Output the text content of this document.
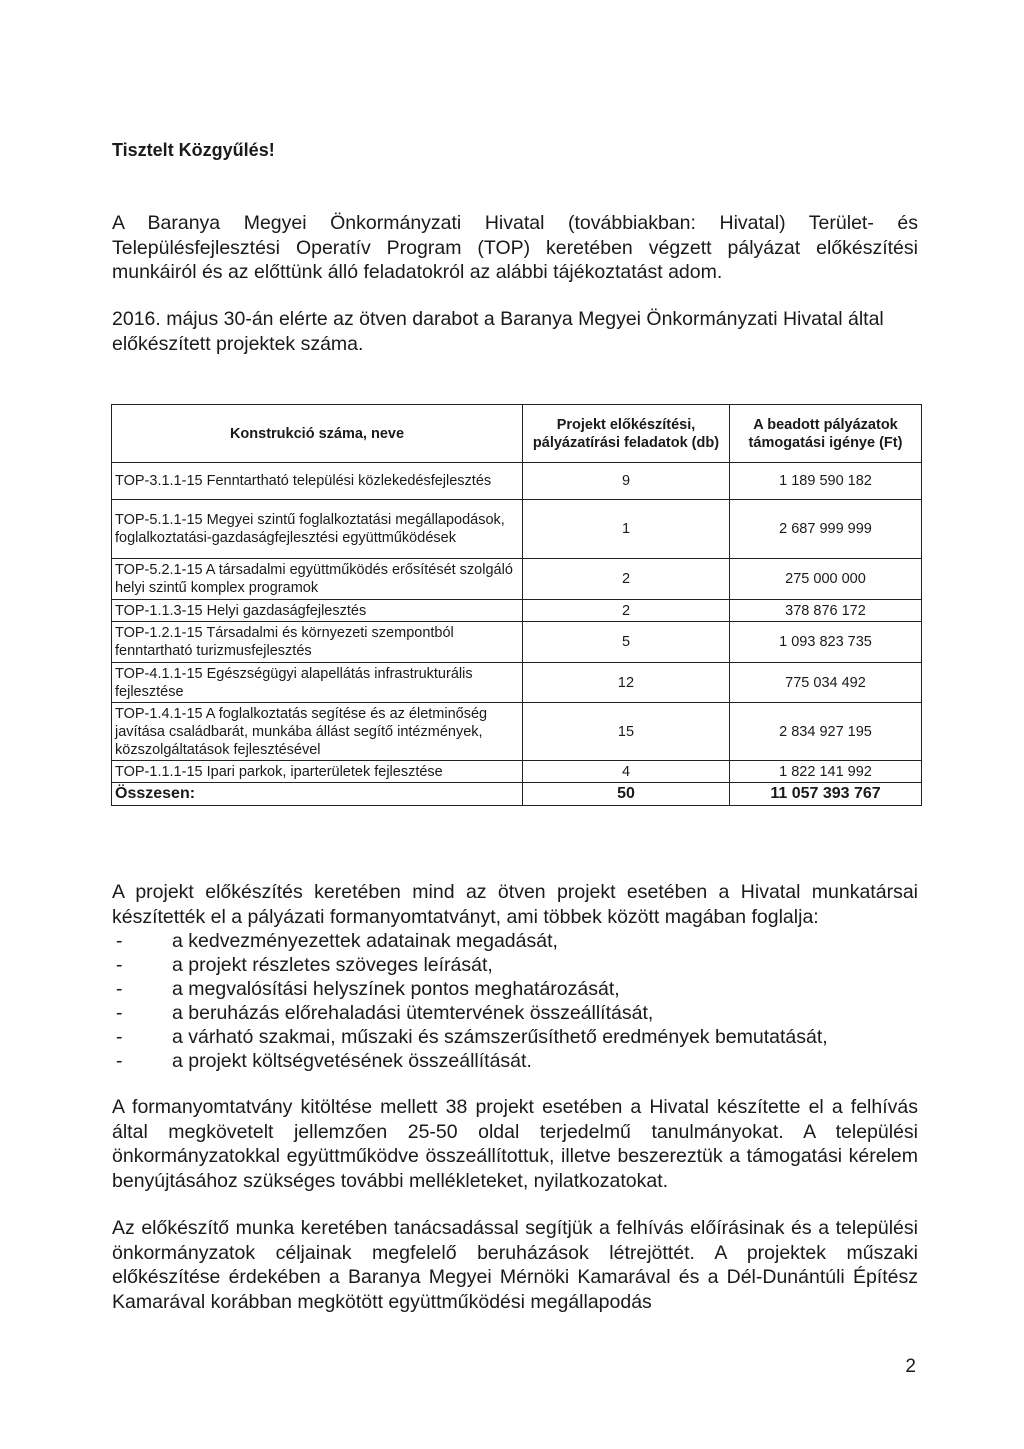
Tisztelt Közgyűlés!

A Baranya Megyei Önkormányzati Hivatal (továbbiakban: Hivatal) Terület- és Településfejlesztési Operatív Program (TOP) keretében végzett pályázat előkészítési munkáiról és az előttünk álló feladatokról az alábbi tájékoztatást adom.

2016. május 30-án elérte az ötven darabot a Baranya Megyei Önkormányzati Hivatal által előkészített projektek száma.

Konstrukció száma, neve	Projekt előkészítési, pályázatírási feladatok (db)	A beadott pályázatok támogatási igénye (Ft)
TOP-3.1.1-15 Fenntartható települési közlekedésfejlesztés	9	1 189 590 182
TOP-5.1.1-15 Megyei szintű foglalkoztatási megállapodások, foglalkoztatási-gazdaságfejlesztési együttműködések	1	2 687 999 999
TOP-5.2.1-15 A társadalmi együttműködés erősítését szolgáló helyi szintű komplex programok	2	275 000 000
TOP-1.1.3-15 Helyi gazdaságfejlesztés	2	378 876 172
TOP-1.2.1-15 Társadalmi és környezeti szempontból fenntartható turizmusfejlesztés	5	1 093 823 735
TOP-4.1.1-15 Egészségügyi alapellátás infrastrukturális fejlesztése	12	775 034 492
TOP-1.4.1-15 A foglalkoztatás segítése és az életminőség javítása családbarát, munkába állást segítő intézmények, közszolgáltatások fejlesztésével	15	2 834 927 195
TOP-1.1.1-15 Ipari parkok, iparterületek fejlesztése	4	1 822 141 992
Összesen:	50	11 057 393 767

A projekt előkészítés keretében mind az ötven projekt esetében a Hivatal munkatársai készítették el a pályázati formanyomtatványt, ami többek között magában foglalja:

-	a kedvezményezettek adatainak megadását,
-	a projekt részletes szöveges leírását,
-	a megvalósítási helyszínek pontos meghatározását,
-	a beruházás előrehaladási ütemtervének összeállítását,
-	a várható szakmai, műszaki és számszerűsíthető eredmények bemutatását,
-	a projekt költségvetésének összeállítását.

A formanyomtatvány kitöltése mellett 38 projekt esetében a Hivatal készítette el a felhívás által megkövetelt jellemzően 25-50 oldal terjedelmű tanulmányokat. A települési önkormányzatokkal együttműködve összeállítottuk, illetve beszereztük a támogatási kérelem benyújtásához szükséges további mellékleteket, nyilatkozatokat.

Az előkészítő munka keretében tanácsadással segítjük a felhívás előírásinak és a települési önkormányzatok céljainak megfelelő beruházások létrejöttét. A projektek műszaki előkészítése érdekében a Baranya Megyei Mérnöki Kamarával és a Dél-Dunántúli Építész Kamarával korábban megkötött együttműködési megállapodás

2
